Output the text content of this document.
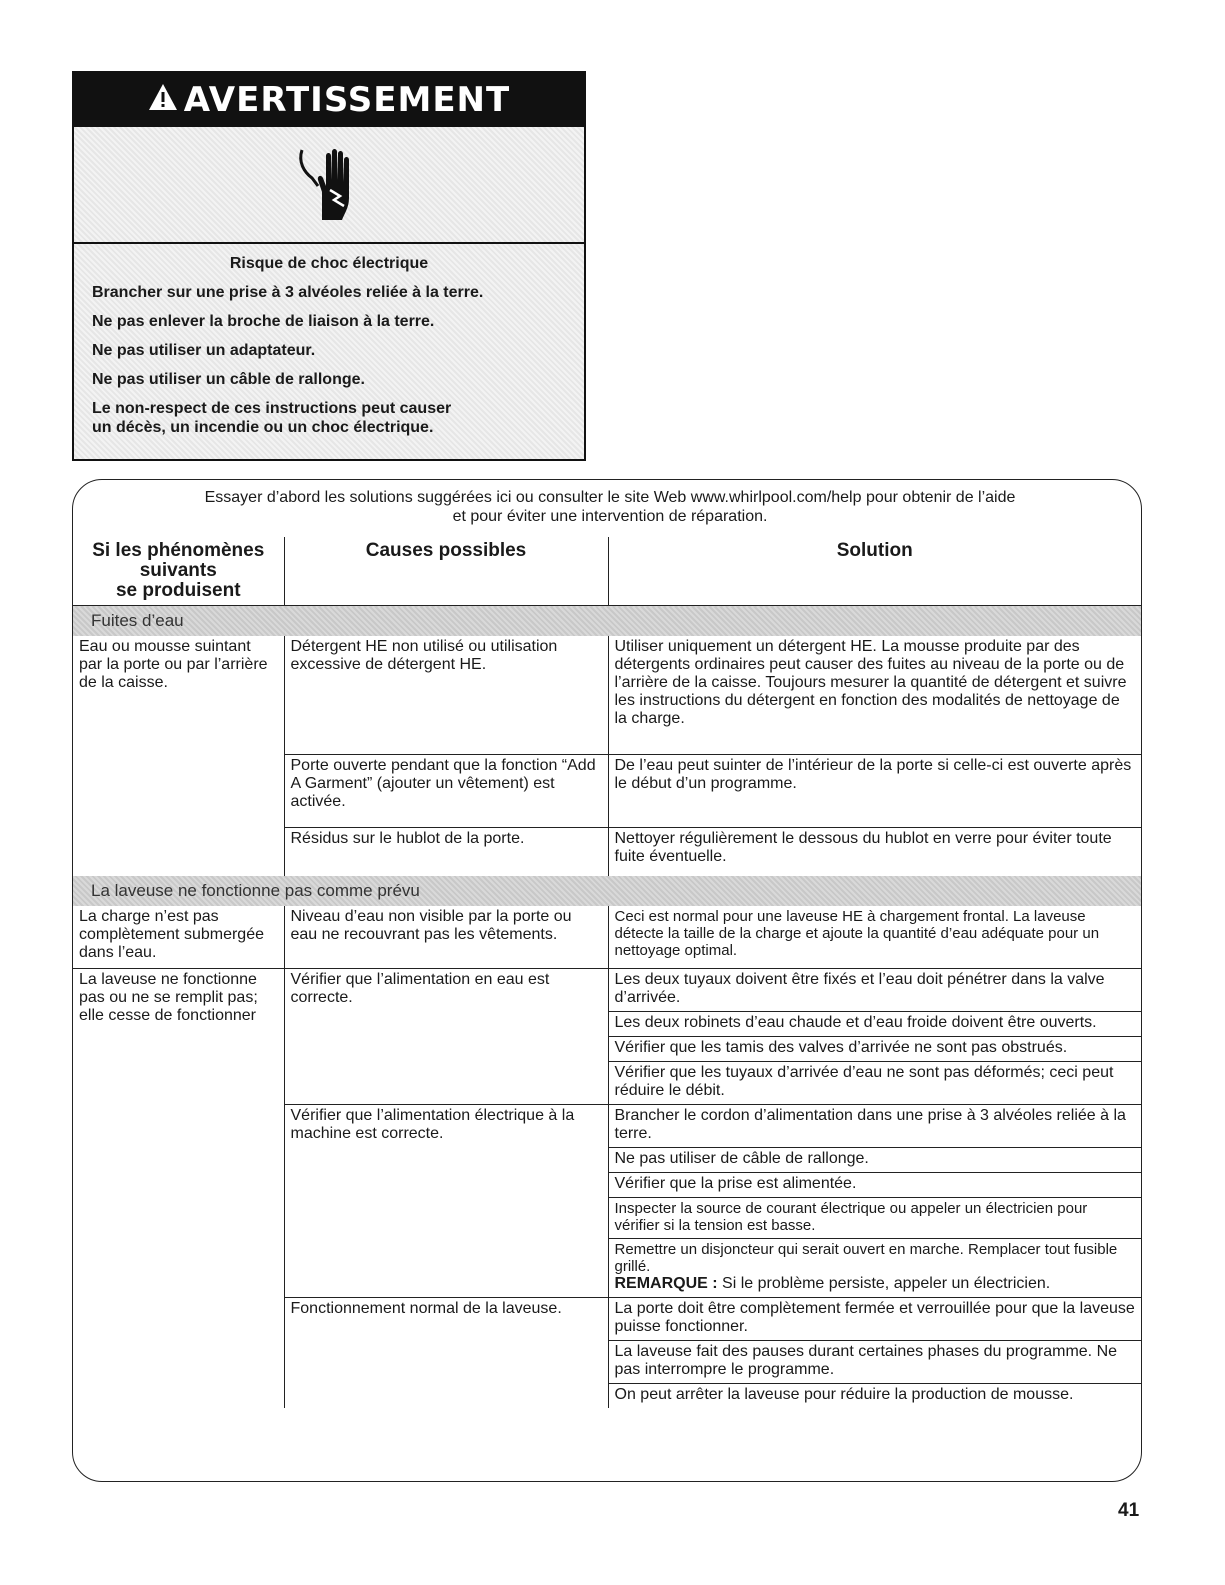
AVERTISSEMENT
Risque de choc électrique
Brancher sur une prise à 3 alvéoles reliée à la terre.
Ne pas enlever la broche de liaison à la terre.
Ne pas utiliser un adaptateur.
Ne pas utiliser un câble de rallonge.
Le non-respect de ces instructions peut causer
un décès, un incendie ou un choc électrique.
Essayer d’abord les solutions suggérées ici ou consulter le site Web www.whirlpool.com/help pour obtenir de l’aide
et pour éviter une intervention de réparation.
Si les phénomènes
suivants
se produisent	Causes possibles	Solution
Fuites d’eau		
Eau ou mousse suintant par la porte ou par l’arrière de la caisse.	Détergent HE non utilisé ou utilisation excessive de détergent HE.	Utiliser uniquement un détergent HE. La mousse produite par des détergents ordinaires peut causer des fuites au niveau de la porte ou de l’arrière de la caisse. Toujours mesurer la quantité de détergent et suivre les instructions du détergent en fonction des modalités de nettoyage de la charge.
	Porte ouverte pendant que la fonction “Add A Garment” (ajouter un vêtement) est activée.	De l’eau peut suinter de l’intérieur de la porte si celle-ci est ouverte après le début d’un programme.
	Résidus sur le hublot de la porte.	Nettoyer régulièrement le dessous du hublot en verre pour éviter toute fuite éventuelle.
La laveuse ne fonctionne pas comme prévu		
La charge n’est pas complètement submergée dans l’eau.	Niveau d’eau non visible par la porte ou eau ne recouvrant pas les vêtements.	Ceci est normal pour une laveuse HE à chargement frontal. La laveuse détecte la taille de la charge et ajoute la quantité d’eau adéquate pour un nettoyage optimal.
La laveuse ne fonctionne pas ou ne se remplit pas; elle cesse de fonctionner	Vérifier que l’alimentation en eau est correcte.	Les deux tuyaux doivent être fixés et l’eau doit pénétrer dans la valve d’arrivée.
		Les deux robinets d’eau chaude et d’eau froide doivent être ouverts.
		Vérifier que les tamis des valves d’arrivée ne sont pas obstrués.
		Vérifier que les tuyaux d’arrivée d’eau ne sont pas déformés; ceci peut réduire le débit.
	Vérifier que l’alimentation électrique à la machine est correcte.	Brancher le cordon d’alimentation dans une prise à 3 alvéoles reliée à la terre.
		Ne pas utiliser de câble de rallonge.
		Vérifier que la prise est alimentée.
		Inspecter la source de courant électrique ou appeler un électricien pour vérifier si la tension est basse.

		Remettre un disjoncteur qui serait ouvert en marche. Remplacer tout fusible grillé.
REMARQUE : Si le problème persiste, appeler un électricien.

	Fonctionnement normal de la laveuse.	La porte doit être complètement fermée et verrouillée pour que la laveuse puisse fonctionner.
		La laveuse fait des pauses durant certaines phases du programme. Ne pas interrompre le programme.
		On peut arrêter la laveuse pour réduire la production de mousse.
41
